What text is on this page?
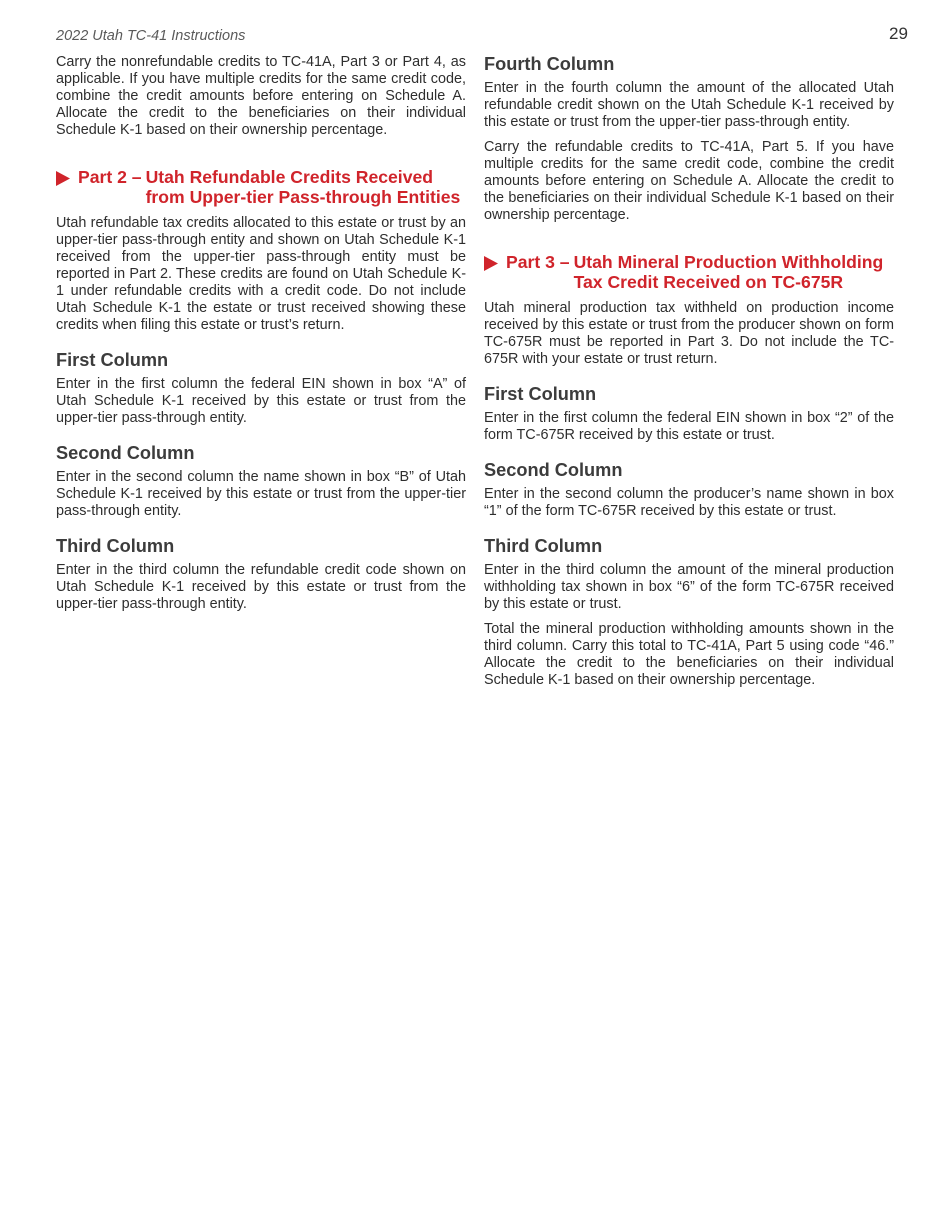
2022 Utah TC-41 Instructions	29

Carry the nonrefundable credits to TC-41A, Part 3 or Part 4, as applicable. If you have multiple credits for the same credit code, combine the credit amounts before entering on Schedule A. Allocate the credit to the beneficiaries on their individual Schedule K-1 based on their ownership percentage.

Part 2 – Utah Refundable Credits Received from Upper-tier Pass-through Entities

Utah refundable tax credits allocated to this estate or trust by an upper-tier pass-through entity and shown on Utah Schedule K-1 received from the upper-tier pass-through entity must be reported in Part 2. These credits are found on Utah Schedule K-1 under refundable credits with a credit code. Do not include Utah Schedule K-1 the estate or trust received showing these credits when filing this estate or trust’s return.

First Column

Enter in the first column the federal EIN shown in box “A” of Utah Schedule K-1 received by this estate or trust from the upper-tier pass-through entity.

Second Column

Enter in the second column the name shown in box “B” of Utah Schedule K-1 received by this estate or trust from the upper-tier pass-through entity.

Third Column

Enter in the third column the refundable credit code shown on Utah Schedule K-1 received by this estate or trust from the upper-tier pass-through entity.

Fourth Column

Enter in the fourth column the amount of the allocated Utah refundable credit shown on the Utah Schedule K-1 received by this estate or trust from the upper-tier pass-through entity.

Carry the refundable credits to TC-41A, Part 5. If you have multiple credits for the same credit code, combine the credit amounts before entering on Schedule A. Allocate the credit to the beneficiaries on their individual Schedule K-1 based on their ownership percentage.

Part 3 – Utah Mineral Production Withholding Tax Credit Received on TC-675R

Utah mineral production tax withheld on production income received by this estate or trust from the producer shown on form TC-675R must be reported in Part 3. Do not include the TC-675R with your estate or trust return.

First Column

Enter in the first column the federal EIN shown in box “2” of the form TC-675R received by this estate or trust.

Second Column

Enter in the second column the producer’s name shown in box “1” of the form TC-675R received by this estate or trust.

Third Column

Enter in the third column the amount of the mineral production withholding tax shown in box “6” of the form TC-675R received by this estate or trust.

Total the mineral production withholding amounts shown in the third column. Carry this total to TC-41A, Part 5 using code “46.” Allocate the credit to the beneficiaries on their individual Schedule K-1 based on their ownership percentage.
